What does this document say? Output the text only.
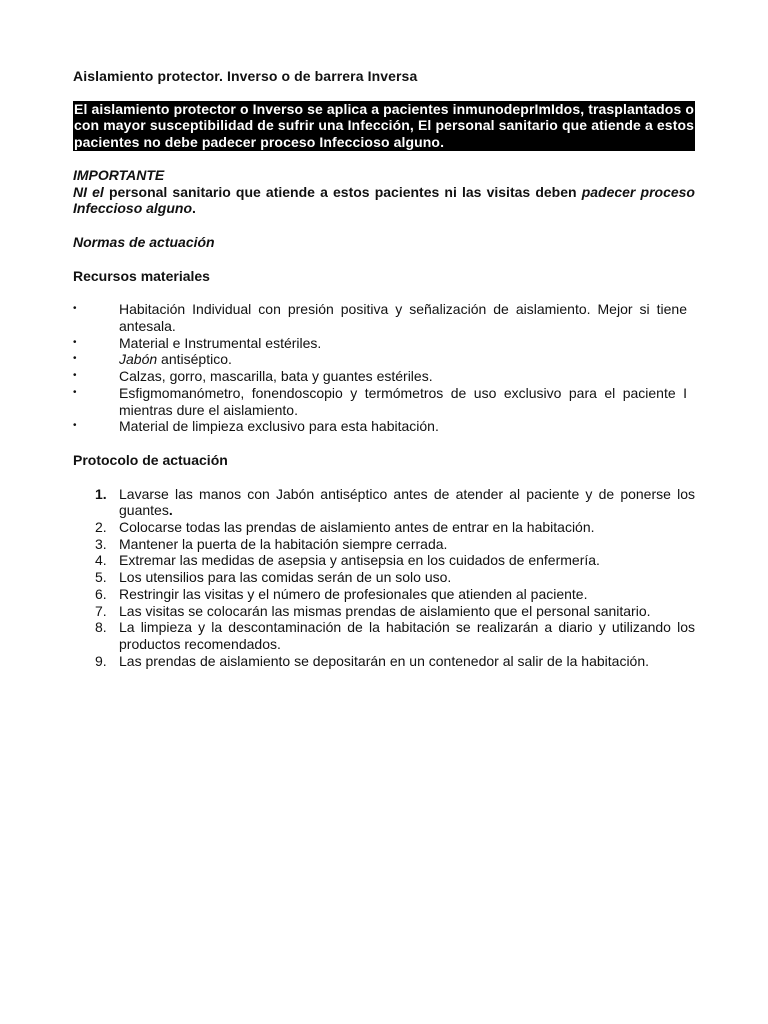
Aislamiento protector. Inverso o de barrera Inversa
El aislamiento protector o Inverso se aplica a pacientes inmunodeprImIdos, trasplantados o con mayor susceptibilidad de sufrir una Infección, El personal sanitario que atiende a estos pacientes no debe padecer proceso Infeccioso alguno.
IMPORTANTE
NI el personal sanitario que atiende a estos pacientes ni las visitas deben padecer proceso Infeccioso alguno.
Normas de actuación
Recursos materiales
•	Habitación Individual con presión positiva y señalización de aislamiento. Mejor si tiene antesala.
•	Material e Instrumental estériles.
•	Jabón antiséptico.
•	Calzas, gorro, mascarilla, bata y guantes estériles.
•	Esfigmomanómetro, fonendoscopio y termómetros de uso exclusivo para el paciente I mientras dure el aislamiento.
•	Material de limpieza exclusivo para esta habitación.
Protocolo de actuación
1. Lavarse las manos con Jabón antiséptico antes de atender al paciente y de ponerse los guantes.
2. Colocarse todas las prendas de aislamiento antes de entrar en la habitación.
3. Mantener la puerta de la habitación siempre cerrada.
4. Extremar las medidas de asepsia y antisepsia en los cuidados de enfermería.
5. Los utensilios para las comidas serán de un solo uso.
6. Restringir las visitas y el número de profesionales que atienden al paciente.
7. Las visitas se colocarán las mismas prendas de aislamiento que el personal sanitario.
8. La limpieza y la descontaminación de la habitación se realizarán a diario y utilizando los productos recomendados.
9. Las prendas de aislamiento se depositarán en un contenedor al salir de la habitación.
